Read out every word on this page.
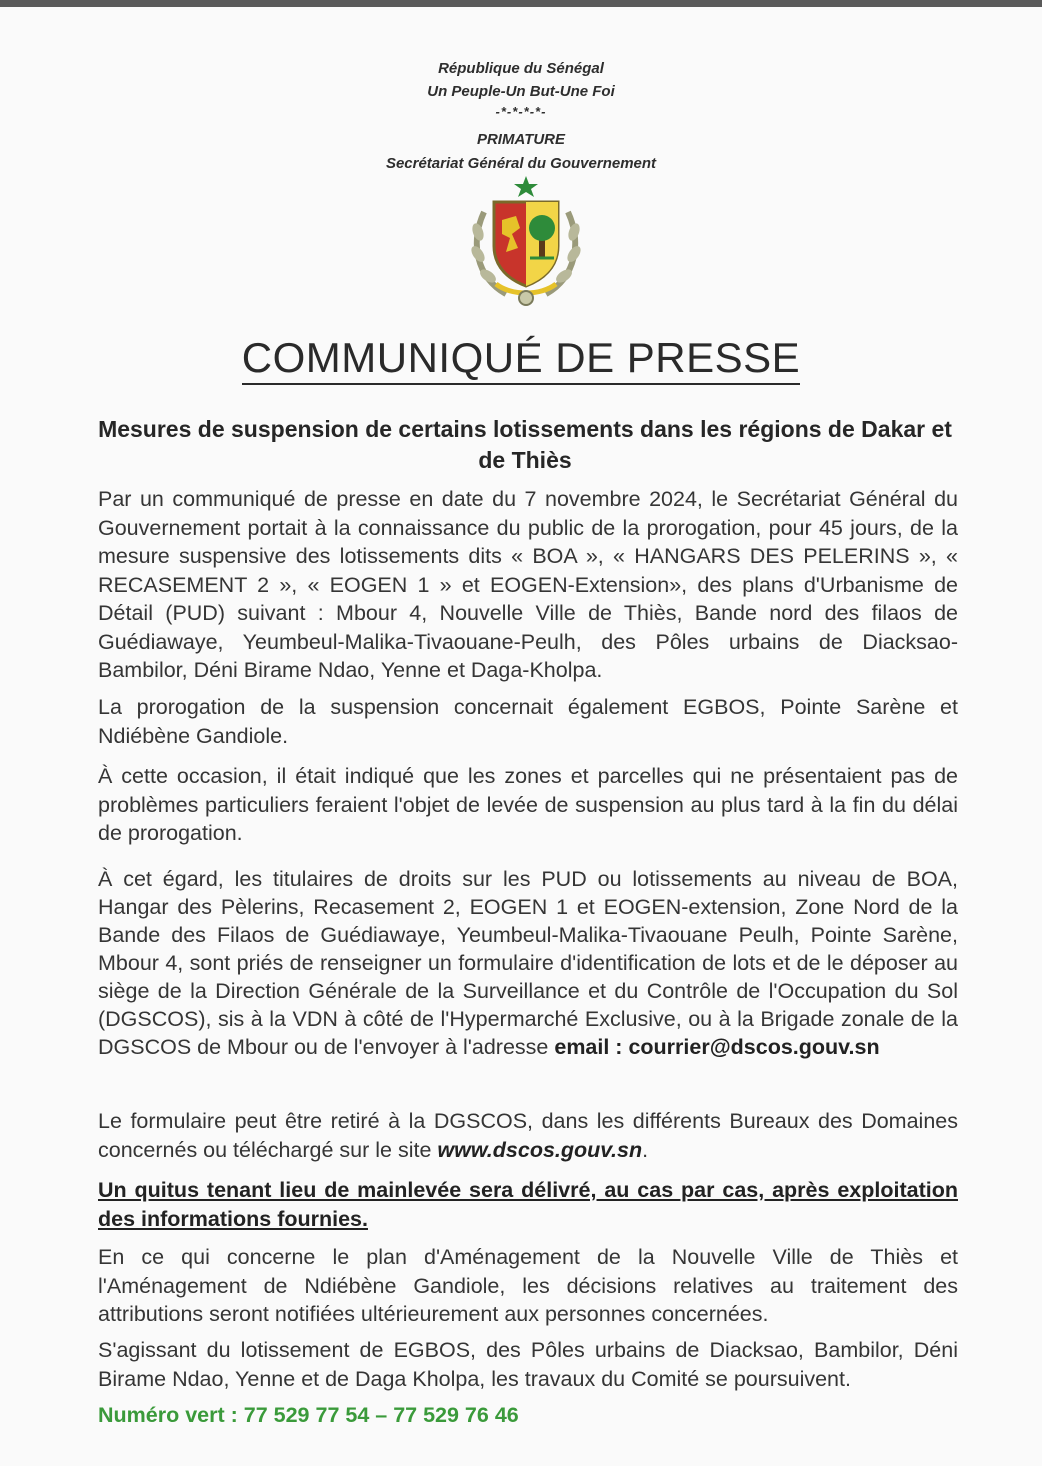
République du Sénégal
Un Peuple-Un But-Une Foi
-*-*-*-*-
PRIMATURE
Secrétariat Général du Gouvernement
COMMUNIQUÉ DE PRESSE
Mesures de suspension de certains lotissements dans les régions de Dakar et de Thiès

Par un communiqué de presse en date du 7 novembre 2024, le Secrétariat Général du Gouvernement portait à la connaissance du public de la prorogation, pour 45 jours, de la mesure suspensive des lotissements dits « BOA », « HANGARS DES PELERINS », « RECASEMENT 2 », « EOGEN 1 » et EOGEN-Extension», des plans d'Urbanisme de Détail (PUD) suivant : Mbour 4, Nouvelle Ville de Thiès, Bande nord des filaos de Guédiawaye, Yeumbeul-Malika-Tivaouane-Peulh, des Pôles urbains de Diacksao-Bambilor, Déni Birame Ndao, Yenne et Daga-Kholpa.

La prorogation de la suspension concernait également EGBOS, Pointe Sarène et Ndiébène Gandiole.

À cette occasion, il était indiqué que les zones et parcelles qui ne présentaient pas de problèmes particuliers feraient l'objet de levée de suspension au plus tard à la fin du délai de prorogation.

À cet égard, les titulaires de droits sur les PUD ou lotissements au niveau de BOA, Hangar des Pèlerins, Recasement 2, EOGEN 1 et EOGEN-extension, Zone Nord de la Bande des Filaos de Guédiawaye, Yeumbeul-Malika-Tivaouane Peulh, Pointe Sarène, Mbour 4, sont priés de renseigner un formulaire d'identification de lots et de le déposer au siège de la Direction Générale de la Surveillance et du Contrôle de l'Occupation du Sol (DGSCOS), sis à la VDN à côté de l'Hypermarché Exclusive, ou à la Brigade zonale de la DGSCOS de Mbour ou de l'envoyer à l'adresse email : courrier@dscos.gouv.sn

Le formulaire peut être retiré à la DGSCOS, dans les différents Bureaux des Domaines concernés ou téléchargé sur le site www.dscos.gouv.sn.

Un quitus tenant lieu de mainlevée sera délivré, au cas par cas, après exploitation des informations fournies.

En ce qui concerne le plan d'Aménagement de la Nouvelle Ville de Thiès et l'Aménagement de Ndiébène Gandiole, les décisions relatives au traitement des attributions seront notifiées ultérieurement aux personnes concernées.

S'agissant du lotissement de EGBOS, des Pôles urbains de Diacksao, Bambilor, Déni Birame Ndao, Yenne et de Daga Kholpa, les travaux du Comité se poursuivent.

Numéro vert : 77 529 77 54 – 77 529 76 46
